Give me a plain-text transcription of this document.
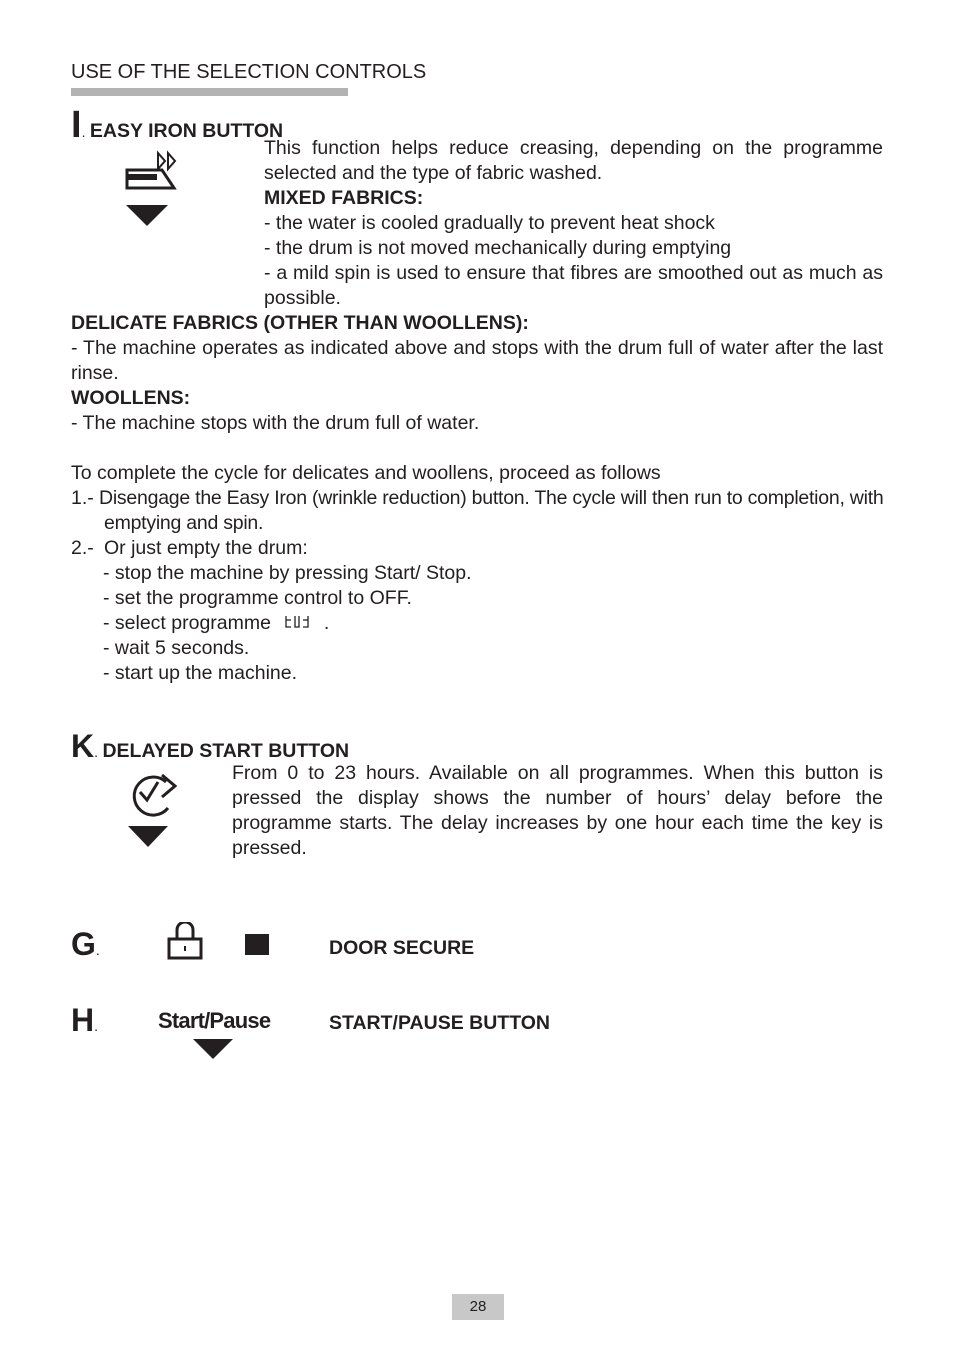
USE OF THE SELECTION CONTROLS
I. EASY IRON BUTTON
This function helps reduce creasing, depending on the programme selected and the type of fabric washed.
MIXED FABRICS:
- the water is cooled gradually to prevent heat shock
- the drum is not moved mechanically during emptying
- a mild spin is used to ensure that fibres are smoothed out as much as possible.
DELICATE FABRICS (OTHER THAN WOOLLENS):
- The machine operates as indicated above and stops with the drum full of water after the last rinse.
WOOLLENS:
- The machine stops with the drum full of water.
To complete the cycle for delicates and woollens, proceed as follows
1.- Disengage the Easy Iron (wrinkle reduction) button. The cycle will then run to completion, with emptying and spin.
2.- Or just empty the drum:
- stop the machine by pressing Start/ Stop.
- set the programme control to OFF.
- select programme	.
- wait 5 seconds.
- start up the machine.
K. DELAYED START BUTTON
From 0 to 23 hours. Available on all programmes. When this button is pressed the display shows the number of hours’ delay before the programme starts. The delay increases by one hour each time the key is pressed.
G.	DOOR SECURE
H.	Start/Pause	START/PAUSE BUTTON
28
